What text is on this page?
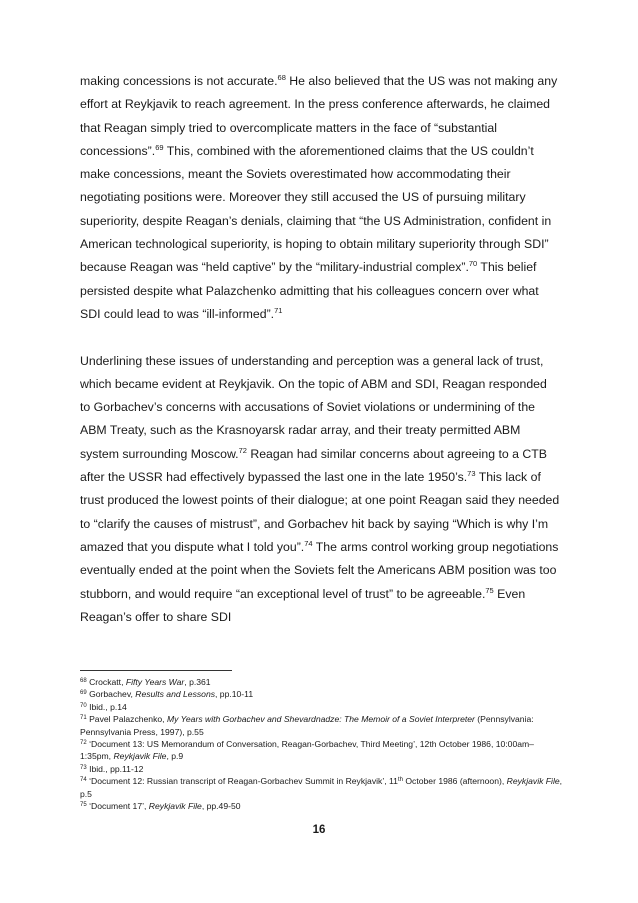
making concessions is not accurate.$^{68}$ He also believed that the US was not making any effort at Reykjavik to reach agreement. In the press conference afterwards, he claimed that Reagan simply tried to overcomplicate matters in the face of “substantial concessions”.$^{69}$ This, combined with the aforementioned claims that the US couldn’t make concessions, meant the Soviets overestimated how accommodating their negotiating positions were. Moreover they still accused the US of pursuing military superiority, despite Reagan’s denials, claiming that “the US Administration, confident in American technological superiority, is hoping to obtain military superiority through SDI” because Reagan was “held captive” by the “military-industrial complex”.$^{70}$ This belief persisted despite what Palazchenko admitting that his colleagues concern over what SDI could lead to was “ill-informed”.$^{71}$

Underlining these issues of understanding and perception was a general lack of trust, which became evident at Reykjavik. On the topic of ABM and SDI, Reagan responded to Gorbachev’s concerns with accusations of Soviet violations or undermining of the ABM Treaty, such as the Krasnoyarsk radar array, and their treaty permitted ABM system surrounding Moscow.$^{72}$ Reagan had similar concerns about agreeing to a CTB after the USSR had effectively bypassed the last one in the late 1950’s.$^{73}$ This lack of trust produced the lowest points of their dialogue; at one point Reagan said they needed to “clarify the causes of mistrust”, and Gorbachev hit back by saying “Which is why I’m amazed that you dispute what I told you”.$^{74}$ The arms control working group negotiations eventually ended at the point when the Soviets felt the Americans ABM position was too stubborn, and would require “an exceptional level of trust” to be agreeable.$^{75}$ Even Reagan’s offer to share SDI

$^{68}$ Crockatt, Fifty Years War, p.361
$^{69}$ Gorbachev, Results and Lessons, pp.10-11
$^{70}$ Ibid., p.14
$^{71}$ Pavel Palazchenko, My Years with Gorbachev and Shevardnadze: The Memoir of a Soviet Interpreter (Pennsylvania: Pennsylvania Press, 1997), p.55
$^{72}$ ‘Document 13: US Memorandum of Conversation, Reagan-Gorbachev, Third Meeting’, 12th October 1986, 10:00am–1:35pm, Reykjavik File, p.9
$^{73}$ Ibid., pp.11-12
$^{74}$ ‘Document 12: Russian transcript of Reagan-Gorbachev Summit in Reykjavik’, 11th October 1986 (afternoon), Reykjavik File, p.5
$^{75}$ ‘Document 17’, Reykjavik File, pp.49-50
16
